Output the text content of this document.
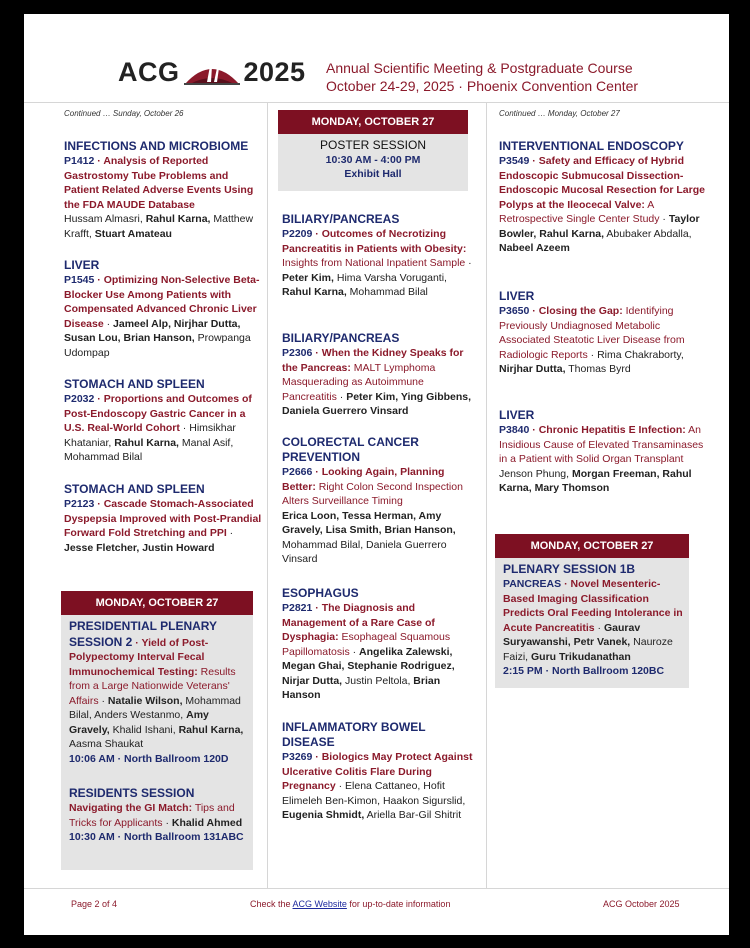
ACG 2025 Annual Scientific Meeting & Postgraduate Course
October 24-29, 2025 · Phoenix Convention Center
Continued … Sunday, October 26
INFECTIONS AND MICROBIOME
P1412 · Analysis of Reported Gastrostomy Tube Problems and Patient Related Adverse Events Using the FDA MAUDE Database
Hussam Almasri, Rahul Karna, Matthew Krafft, Stuart Amateau
LIVER
P1545 · Optimizing Non-Selective Beta-Blocker Use Among Patients with Compensated Advanced Chronic Liver Disease · Jameel Alp, Nirjhar Dutta, Susan Lou, Brian Hanson, Prowpanga Udompap
STOMACH AND SPLEEN
P2032 · Proportions and Outcomes of Post-Endoscopy Gastric Cancer in a U.S. Real-World Cohort · Himsikhar Khataniar, Rahul Karna, Manal Asif, Mohammad Bilal
STOMACH AND SPLEEN
P2123 · Cascade Stomach-Associated Dyspepsia Improved with Post-Prandial Forward Fold Stretching and PPI · Jesse Fletcher, Justin Howard
MONDAY, OCTOBER 27
PRESIDENTIAL PLENARY SESSION 2 · Yield of Post-Polypectomy Interval Fecal Immunochemical Testing: Results from a Large Nationwide Veterans' Affairs · Natalie Wilson, Mohammad Bilal, Anders Westanmo, Amy Gravely, Khalid Ishani, Rahul Karna, Aasma Shaukat
10:06 AM · North Ballroom 120D
RESIDENTS SESSION
Navigating the GI Match: Tips and Tricks for Applicants · Khalid Ahmed
10:30 AM · North Ballroom 131ABC
MONDAY, OCTOBER 27
POSTER SESSION
10:30 AM - 4:00 PM
Exhibit Hall
BILIARY/PANCREAS
P2209 · Outcomes of Necrotizing Pancreatitis in Patients with Obesity: Insights from National Inpatient Sample · Peter Kim, Hima Varsha Voruganti, Rahul Karna, Mohammad Bilal
BILIARY/PANCREAS
P2306 · When the Kidney Speaks for the Pancreas: MALT Lymphoma Masquerading as Autoimmune Pancreatitis · Peter Kim, Ying Gibbens, Daniela Guerrero Vinsard
COLORECTAL CANCER PREVENTION
P2666 · Looking Again, Planning Better: Right Colon Second Inspection Alters Surveillance Timing
Erica Loon, Tessa Herman, Amy Gravely, Lisa Smith, Brian Hanson, Mohammad Bilal, Daniela Guerrero Vinsard
ESOPHAGUS
P2821 · The Diagnosis and Management of a Rare Case of Dysphagia: Esophageal Squamous Papillomatosis · Angelika Zalewski, Megan Ghai, Stephanie Rodriguez, Nirjar Dutta, Justin Peltola, Brian Hanson
INFLAMMATORY BOWEL DISEASE
P3269 · Biologics May Protect Against Ulcerative Colitis Flare During Pregnancy · Elena Cattaneo, Hofit Elimeleh Ben-Kimon, Haakon Sigurslid, Eugenia Shmidt, Ariella Bar-Gil Shitrit
Continued … Monday, October 27
INTERVENTIONAL ENDOSCOPY
P3549 · Safety and Efficacy of Hybrid Endoscopic Submucosal Dissection-Endoscopic Mucosal Resection for Large Polyps at the Ileocecal Valve: A Retrospective Single Center Study · Taylor Bowler, Rahul Karna, Abubaker Abdalla, Nabeel Azeem
LIVER
P3650 · Closing the Gap: Identifying Previously Undiagnosed Metabolic Associated Steatotic Liver Disease from Radiologic Reports · Rima Chakraborty, Nirjhar Dutta, Thomas Byrd
LIVER
P3840 · Chronic Hepatitis E Infection: An Insidious Cause of Elevated Transaminases in a Patient with Solid Organ Transplant
Jenson Phung, Morgan Freeman, Rahul Karna, Mary Thomson
MONDAY, OCTOBER 27
PLENARY SESSION 1B
PANCREAS · Novel Mesenteric-Based Imaging Classification Predicts Oral Feeding Intolerance in Acute Pancreatitis · Gaurav Suryawanshi, Petr Vanek, Nauroze Faizi, Guru Trikudanathan
2:15 PM · North Ballroom 120BC
Page 2 of 4	Check the ACG Website for up-to-date information	ACG October 2025
